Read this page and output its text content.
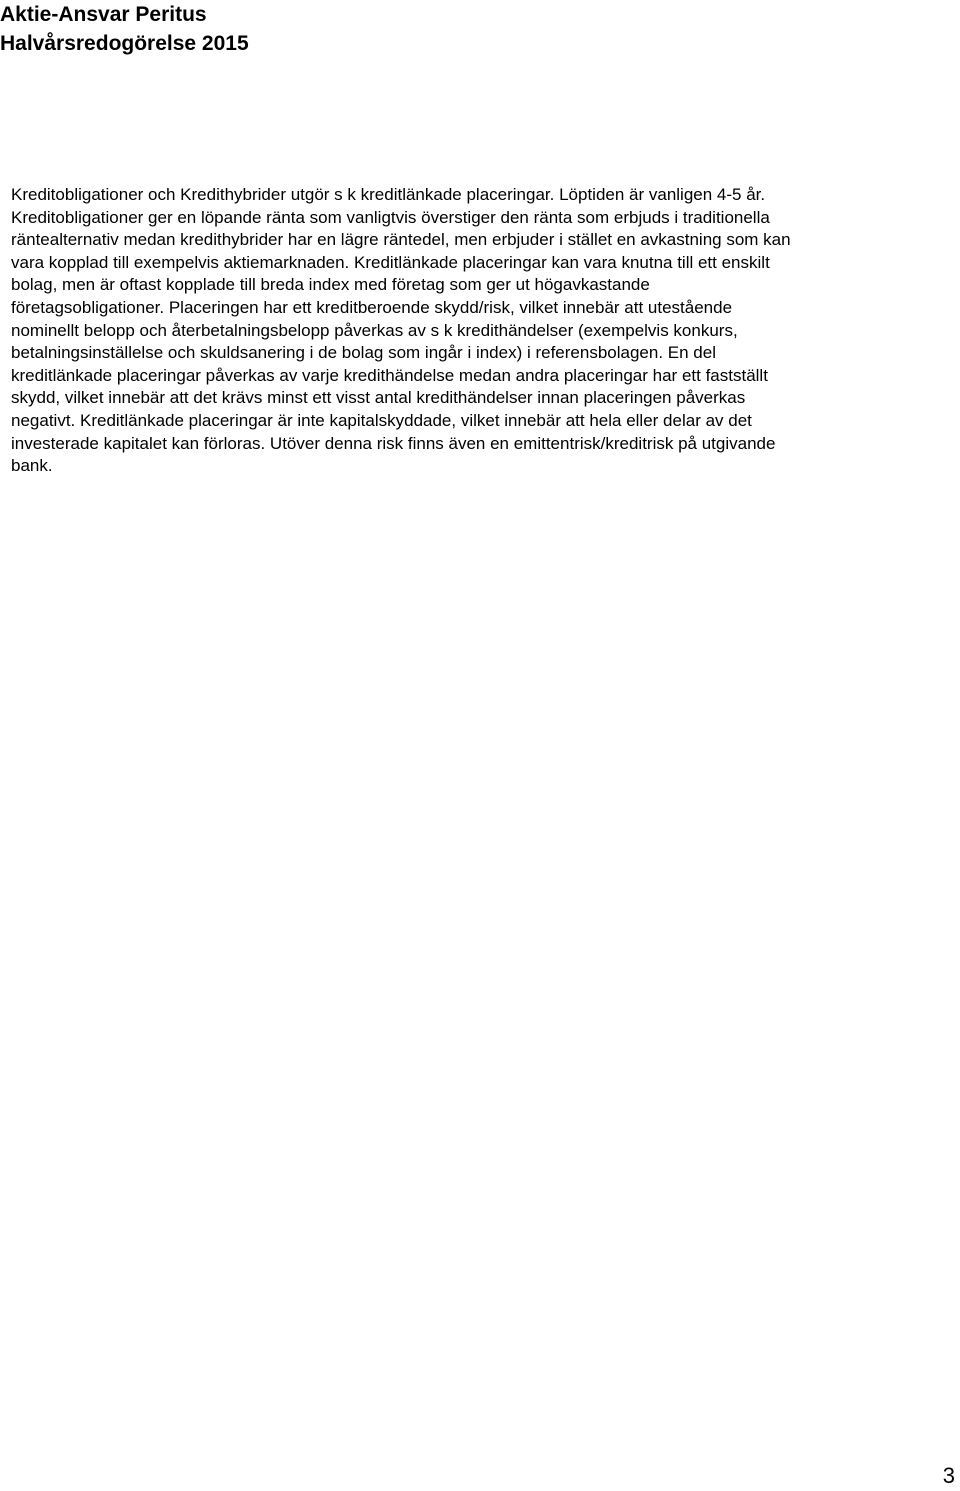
Aktie-Ansvar Peritus

Halvårsredogörelse 2015

Kreditobligationer och Kredithybrider utgör s k kreditlänkade placeringar. Löptiden är vanligen 4-5 år.

Kreditobligationer ger en löpande ränta som vanligtvis överstiger den ränta som erbjuds i traditionella

räntealternativ medan kredithybrider har en lägre räntedel, men erbjuder i stället en avkastning som kan

vara kopplad till exempelvis aktiemarknaden. Kreditlänkade placeringar kan vara knutna till ett enskilt

bolag, men är oftast kopplade till breda index med företag som ger ut högavkastande

företagsobligationer. Placeringen har ett kreditberoende skydd/risk, vilket innebär att utestående

nominellt belopp och återbetalningsbelopp påverkas av s k kredithändelser (exempelvis konkurs,

betalningsinställelse och skuldsanering i de bolag som ingår i index) i referensbolagen. En del

kreditlänkade placeringar påverkas av varje kredithändelse medan andra placeringar har ett fastställt

skydd, vilket innebär att det krävs minst ett visst antal kredithändelser innan placeringen påverkas

negativt. Kreditlänkade placeringar är inte kapitalskyddade, vilket innebär att hela eller delar av det

investerade kapitalet kan förloras. Utöver denna risk finns även en emittentrisk/kreditrisk på utgivande

bank.

3
